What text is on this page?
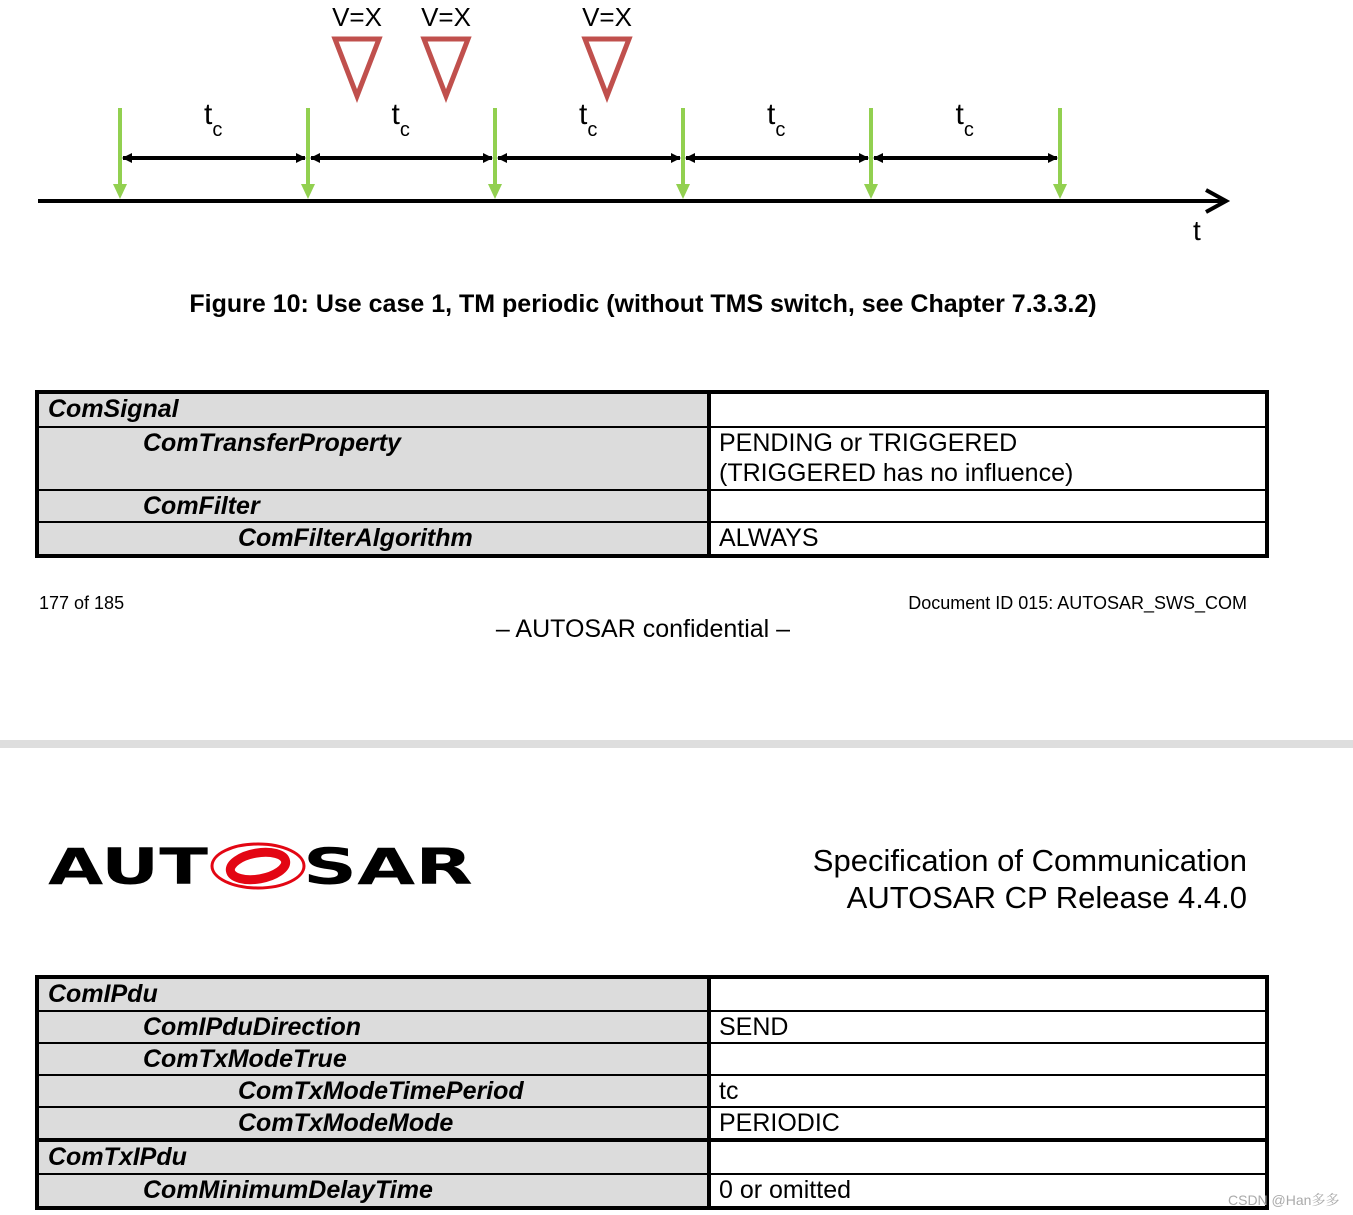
$t_c$	$t_c$	$t_c$	$t_c$	$t_c$
V=X V=X	V=X
t
Figure 10: Use case 1, TM periodic (without TMS switch, see Chapter 7.3.3.2)
ComSignal
ComTransferProperty	PENDING or TRIGGERED
(TRIGGERED has no influence)
ComFilter
ComFilterAlgorithm	ALWAYS
177 of 185	Document ID 015: AUTOSAR_SWS_COM
– AUTOSAR confidential –
AUT SAR	Specification of Communication
AUTOSAR CP Release 4.4.0
ComIPdu
ComIPduDirection	SEND
ComTxModeTrue
ComTxModeTimePeriod	tc
ComTxModeMode	PERIODIC
ComTxIPdu
ComMinimumDelayTime	0 or omitted	CSDN @Han多多
